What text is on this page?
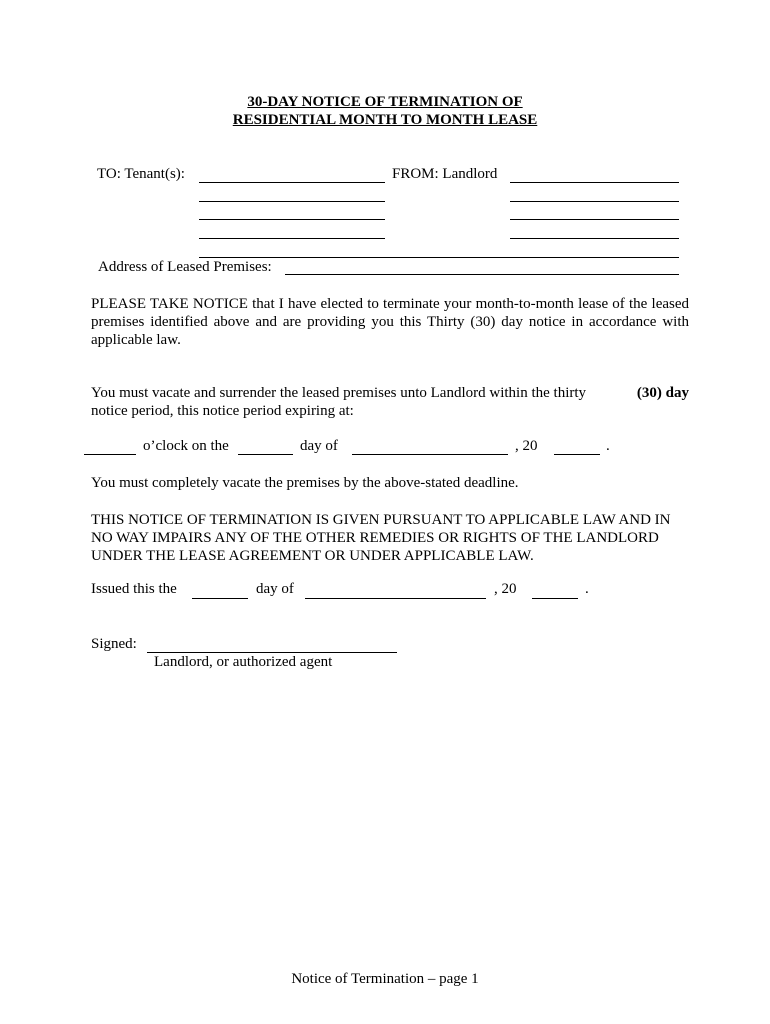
30-DAY NOTICE OF TERMINATION OF
RESIDENTIAL MONTH TO MONTH LEASE
TO: Tenant(s):	FROM: Landlord
Address of Leased Premises:
PLEASE TAKE NOTICE that I have elected to terminate your month-to-month lease of the leased premises identified above and are providing you this Thirty (30) day notice in accordance with applicable law.
You must vacate and surrender the leased premises unto Landlord within the thirty	(30) day
notice period, this notice period expiring at:
o’clock on the	day of	, 20	.
You must completely vacate the premises by the above-stated deadline.
THIS NOTICE OF TERMINATION IS GIVEN PURSUANT TO APPLICABLE LAW AND IN
NO WAY IMPAIRS ANY OF THE OTHER REMEDIES OR RIGHTS OF THE LANDLORD
UNDER THE LEASE AGREEMENT OR UNDER APPLICABLE LAW.
Issued this the	day of	, 20	.
Signed:
Landlord, or authorized agent
Notice of Termination – page 1
